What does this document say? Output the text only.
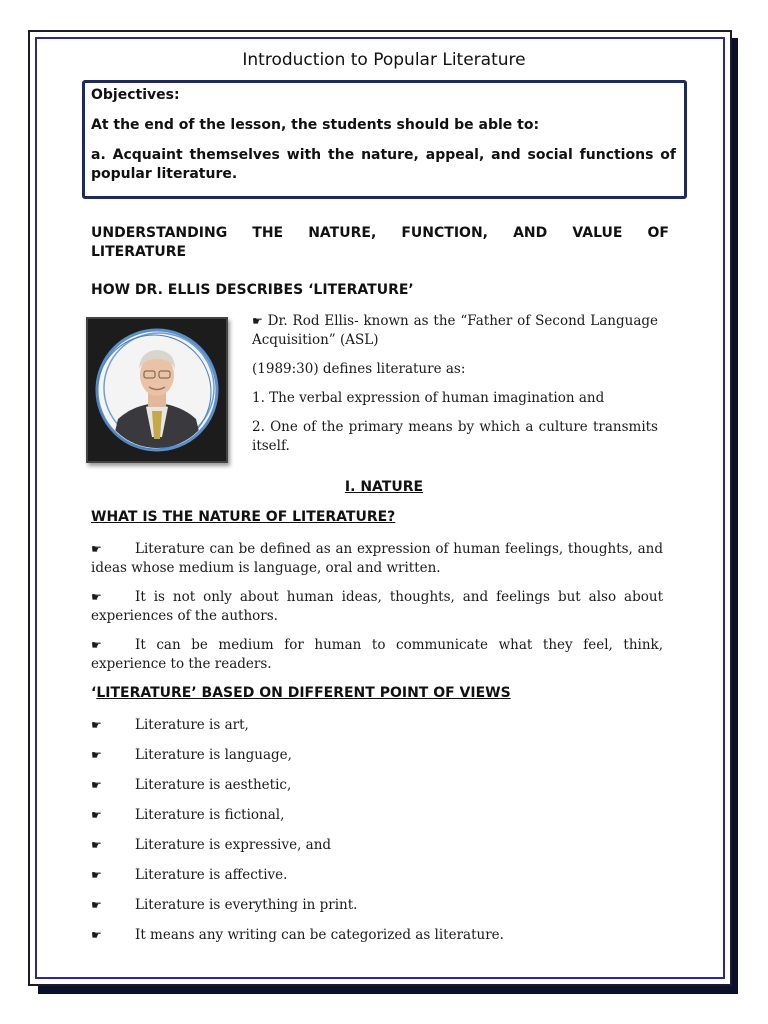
Introduction to Popular Literature

Objectives:

At the end of the lesson, the students should be able to:

a. Acquaint themselves with the nature, appeal, and social functions of popular literature.

UNDERSTANDING THE NATURE, FUNCTION, AND VALUE OF LITERATURE
HOW DR. ELLIS DESCRIBES ‘LITERATURE’

☛ Dr. Rod Ellis- known as the “Father of Second Language Acquisition” (ASL)

(1989:30) defines literature as:

1. The verbal expression of human imagination and

2. One of the primary means by which a culture transmits itself.

I. NATURE
WHAT IS THE NATURE OF LITERATURE?

☛ Literature can be defined as an expression of human feelings, thoughts, and ideas whose medium is language, oral and written.

☛ It is not only about human ideas, thoughts, and feelings but also about experiences of the authors.

☛ It can be medium for human to communicate what they feel, think, experience to the readers.

‘LITERATURE’ BASED ON DIFFERENT POINT OF VIEWS
☛ Literature is art,
☛ Literature is language,
☛ Literature is aesthetic,
☛ Literature is fictional,
☛ Literature is expressive, and
☛ Literature is affective.
☛ Literature is everything in print.
☛ It means any writing can be categorized as literature.
